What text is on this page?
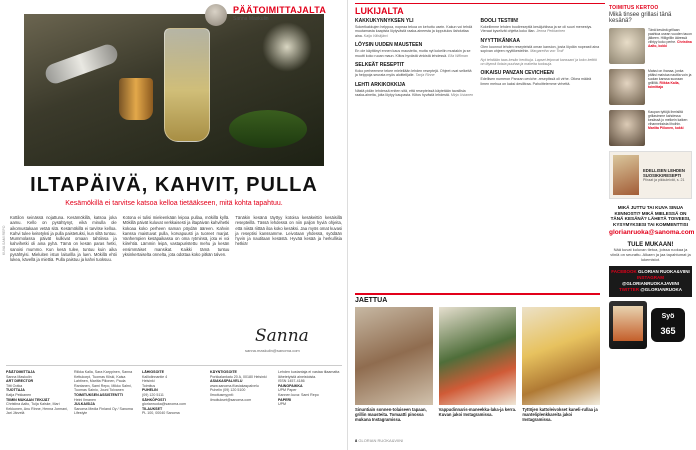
PÄÄTOIMITTAJALTA
Sanna Maskulin
ILTAPÄIVÄ, KAHVIT, PULLA
Kesämökillä ei tarvitse katsoa kelloa tietääkseen, mitä kohta tapahtuu.
Kottilon seinässä nojattuna. Kesämökillä, katsoa joka aamu. Kello on pysähtynyt, eikä minulla ole aikomustakaan vetää sitä. Kesämökillä ei tarvitse kelloa. Kahvi tulee keitetyksi ja pulla paistetuksi, kun siltä tuntuu. Mummolassa päivät kulkivat omaan tahtiinsa ja kahvihetki oli aina pyhä. Tämä on kesän paras hetki, sanoisi mummo. Kun kesä tulee, tuntuu kuin aika pysähtyisi. Mieluiten istun laiturilla ja luen. Mökillä ehtii lukea, kävellä ja miettiä. Pulla paistuu ja kahvi tuoksuu.
Kotona ei tulisi mieleenkään leipoa pullaa, mökillä kyllä. Mökillä päivät kuluvat verkkaisesti ja iltapäivän kahvihetki kokoaa koko perheen saman pöydän ääreen. Kahvin kanssa maistuvat pulla, korvapuusti ja tuoreet marjat. Vanhempien kesäpaikassa on oma rytminsä, jota ei voi kiirehtiä. Lämmin leipä, vastapuristettu mehu ja kesän ensimmäiset mansikat. Kaikki tämä tuntuu yksinkertaiselta onnelta, jota odottaa koko pitkän talven.
Tänäkin kesänä täyttyy kotoisa kesäkeittiö kesäisillä resepteillä. Tässä lehdessä on niin paljon hyviä ohjeita, että niistä riittää iloa koko kesäksi. Jaa myös omat kuvasi ja reseptisi kanssamme. Leivotaan yhdessä, syödään hyvin ja nautitaan kesästä. Hyvää kesää ja herkullisia hetkiä!
KUVA SAMI REPO
Sanna
sanna.maskulin@sanoma.com
PÄÄTOIMITTAJA
Sanna Maskulin
ART DIRECTOR
Titti Ootka
TUOTTAJA
Katja Pekkanen
TIIMIN MUKAAN TEKIJÄT
Christina Aalto, Tuija Kalske, Mari Kekkonen, Anu Rinne, Henna Jormani, Jari Järvelä
Riikka Kalla, Sara Karppinen, Sanna Kettukorpi, Tuomas Kiiski, Kaisa Lahtinen, Mariita Piilonen, Paula Rantanen, Sami Repo, Mikko Salmi, Tuomas Sainio, Jouni Tolvanen
TOIMITUKSEN ASSISTENTTI
Heini Ilmanen
JULKAISIJA
Sanoma Media Finland Oy / Sanoma Lifestyle
LÄHIOSOITE
Kalliolinnantie 4
Helsinki
Toimitus
PUHELIN
(09) 120 5111
SÄHKÖPOSTI
glorianruoka@sanoma.com
TILAUKSET
PL 100, 00040 Sanoma
KÄYNTIOSOITE
Porkkalankatu 20 A, 00180 Helsinki
ASIAKASPALVELU
www.sanoma.fi/asiakaspalvelu
Puhelin (09) 120 5100
Ilmoitusmyynti: ilmoitukset@sanoma.com
Lehden kustantaja ei vastaa tilaamatta lähetetyistä aineistoista.
ISSN 1457-4186
PAINOPAIKKA
UPM Paper
Kannen kuva: Sami Repo
PAPERI
UPM
LUKIJALTA
KAKKUKYNNYKSEN YLI

Sokerikakkujen helppoa, nopeaa tekoa on kehuttu usein. Kakun voi tehdä muutamasta kaapista löytyvästä raaka-aineesta ja lopputulos ilahduttaa aina. Kaija Vähäjärvi

LÖYSIN UUDEN MAUSTEEN

En ole käyttänyt ennen kaus mausteita, mutta nyt kokeilin mustakin ja se muutti koko ruoan maun. Kiitos hyvästä vinkistä lehdessä. Eila Willman

SELKEÄT RESEPTIT

Koko perheemme tekee mielellään lehden reseptejä. Ohjeet ovat selkeitä ja helppoja seurata myös aloittelijalle. Tanja Rinne

LEHTI ARKIKOKKIJA

Nästä pidän lehdessä eniten sitä, että resepteissä käytetään tavallisia raaka-aineita, joita löytyy kaupasta. Kiitos hyvästä lehdestä. Mirja Ustanen

BOOLI TESTIIN!

Kokeilimme lehden boolireseptiä kesäjuhlissa ja se oli suuri menestys. Vieraat kyselivät ohjetta koko illan. Jenna Pekkarinen

NYYTTIKÄNKAA

Olen koonnut lehden resepteistä oman kansion, josta löydän nopeasti aina sopivan ohjeen nyyttikesteihin. Margaretha von Trolf

Nyt tehdään taas kesän herkkuja. Lapset leipovat kanssani ja koko keittiö on täynnä iloista puuhaa ja makeita tuoksuja.

OIKAISU PANZAN CEVICHEEN

Edellisen numeron Panzan ceviche -reseptissä oli virhe. Oikea määrä limen mehua on kaksi desilitraa. Pahoittelemme virhettä.

JAETTUA
Sinuntiain sonnen-tolaiseen tapaan, grillin mausteita. Tomaatti pinossa mukana Instagramissa.
Vappudinnaris-maneekka-laka-ja kerra. Kuvan jakoi Instagramissa.
Tyttöjen kattoleivokset kaneli-rullaa ja manteliplenkkareita jakoi Instagramissa.
8 GLORIAN RUOKA&VIINI
TOIMITUS KERTOO
Mikä tinsee grillasi tänä kesänä?

Tänä kesänä grillaan paahtoa usean vuoden tauon jälkeen. Hiiligrillin ääressä viihtyy koko perhe. Christina Aalto, kokki

Maissi on ihanaa, jonka pitäisi maistua nauttia voin ja suolan kanssa suoraan grilliltä. Riikka Kalla, toimittaja

Kaupan tyttöjä ihmisiltä grillasimme kahdessa kesässä jo melkein kaiken vihanneksista lihoihin. Mariita Piilonen, kokki

EDELLISEN LEHDEN SUOSIKKIRESEPTI
Piiraat ja pikkuleivät, s. 21
MIKÄ JUTTU TAI KUVA SINUA KIINNOSTI? MIKÄ MIELESSÄ ON TÄNÄ KESÄNÄ? LÄHETÄ TOIVEESI, KYSYMYKSESI TAI KOMMENTTISI
glorianruoka@sanoma.com
TULE MUKAAN!
Nää kuvat kuluvan tietoa, joissa ruokaa ja viiniä on seurattu. Alkaen ja jaa tapahtumat ja lukemistot.
FACEBOOK GLORIAN RUOKA&VIINI
INSTAGRAM @GLORIANRUOKAJAVIINI
TWITTER @GLORIANRUOKA
Syö
365
